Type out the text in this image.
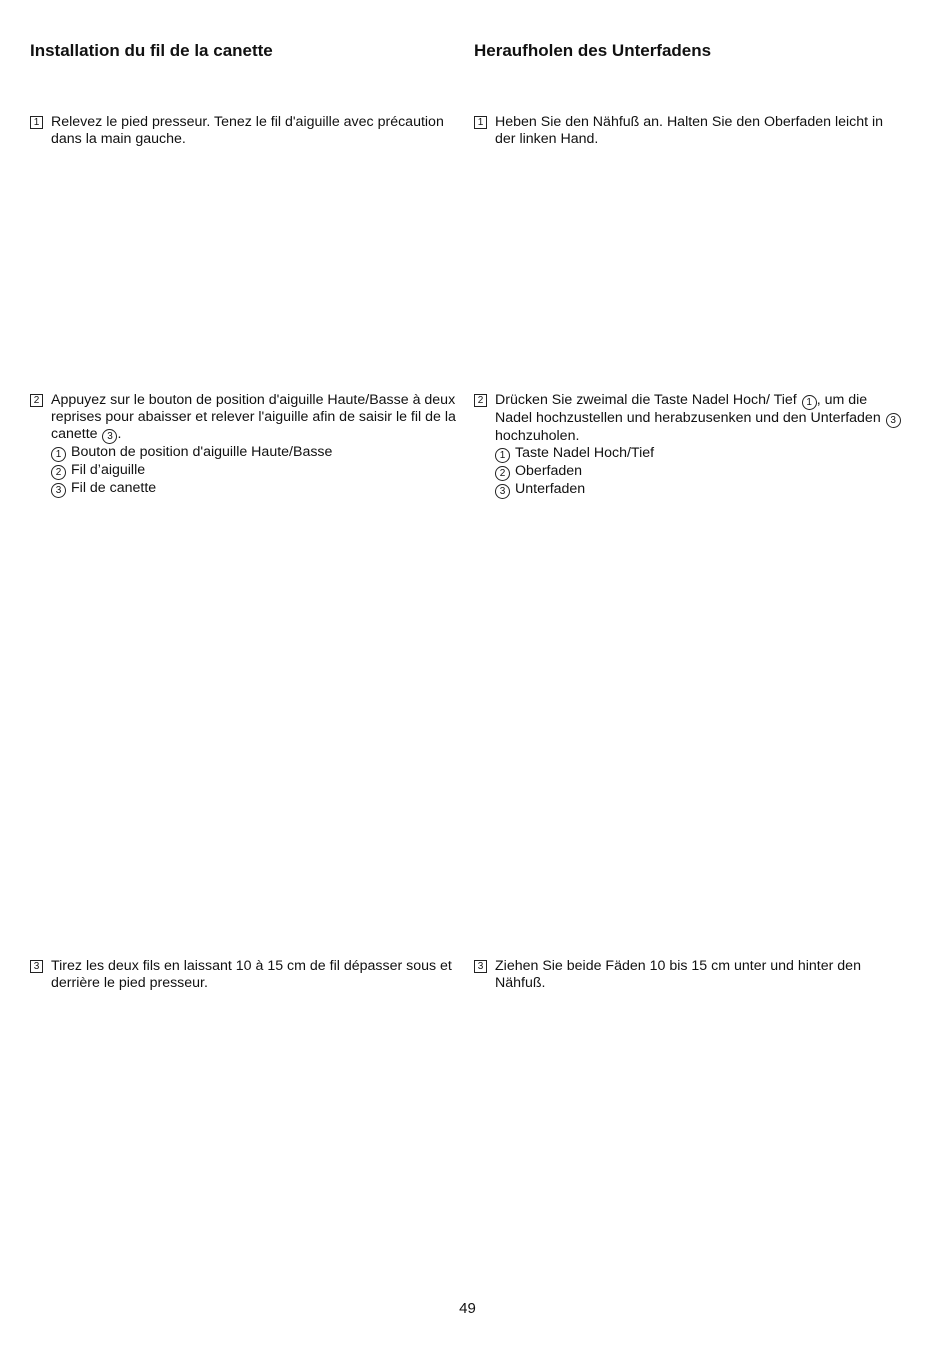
Installation du fil de la canette
1 Relevez le pied presseur. Tenez le fil d'aiguille avec précaution dans la main gauche.
2 Appuyez sur le bouton de position d'aiguille Haute/Basse à deux reprises pour abaisser et relever l'aiguille afin de saisir le fil de la canette 3 .
1 Bouton de position d'aiguille Haute/Basse
2 Fil d’aiguille
3 Fil de canette
3 Tirez les deux fils en laissant 10 à 15 cm de fil dépasser sous et derrière le pied presseur.
Heraufholen des Unterfadens
1 Heben Sie den Nähfuß an. Halten Sie den Oberfaden leicht in der linken Hand.
2 Drücken Sie zweimal die Taste Nadel Hoch/ Tief 1 , um die Nadel hochzustellen und herabzusenken und den Unterfaden 3 hochzuholen.
1 Taste Nadel Hoch/Tief
2 Oberfaden
3 Unterfaden
3 Ziehen Sie beide Fäden 10 bis 15 cm unter und hinter den Nähfuß.
49
